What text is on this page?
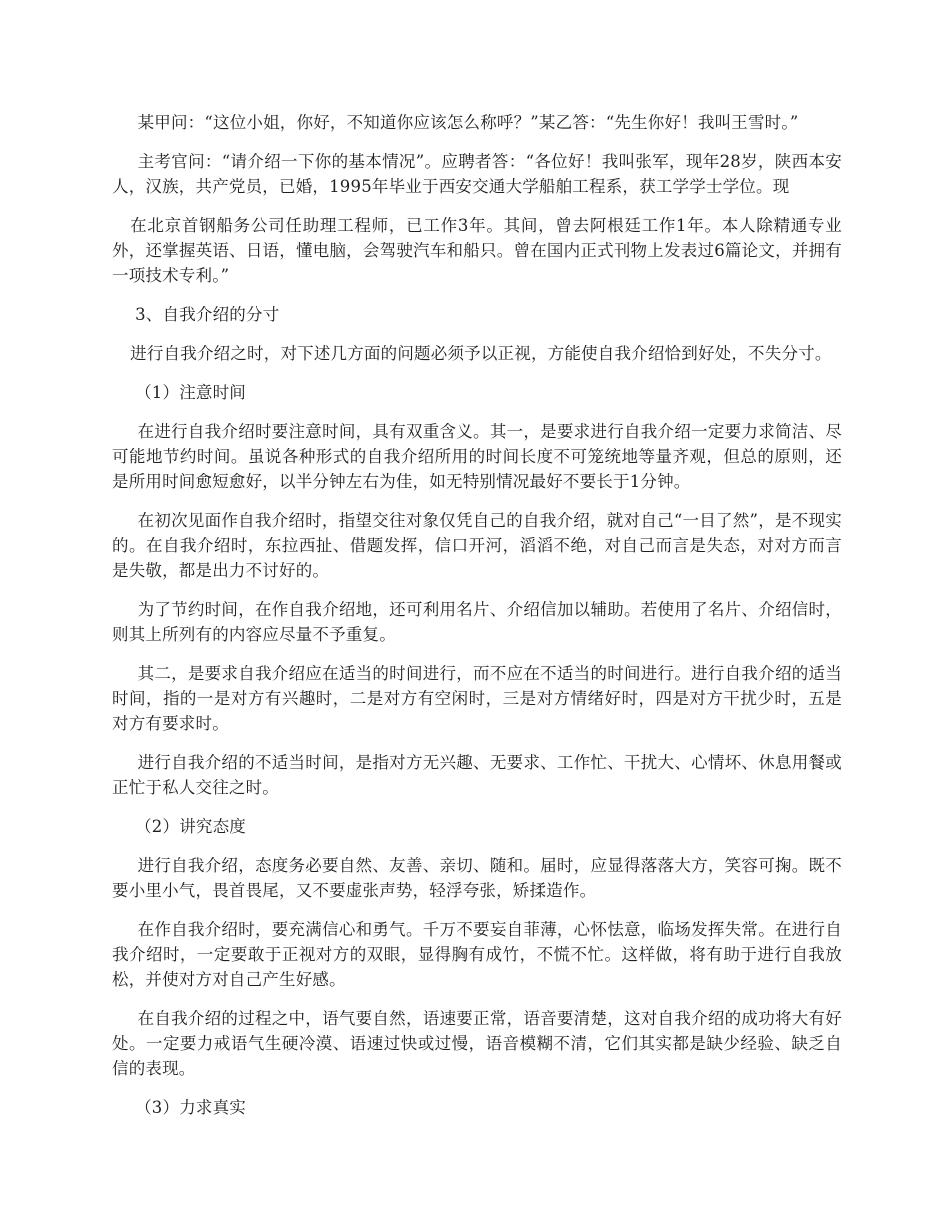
某甲问：“这位小姐，你好，不知道你应该怎么称呼？”某乙答：“先生你好！我叫王雪时。”

主考官问：“请介绍一下你的基本情况”。应聘者答：“各位好！我叫张军，现年28岁，陕西本安人，汉族，共产党员，已婚，1995年毕业于西安交通大学船舶工程系，获工学学士学位。现

在北京首钢船务公司任助理工程师，已工作3年。其间，曾去阿根廷工作1年。本人除精通专业外，还掌握英语、日语，懂电脑，会驾驶汽车和船只。曾在国内正式刊物上发表过6篇论文，并拥有一项技术专利。”

3、自我介绍的分寸

进行自我介绍之时，对下述几方面的问题必须予以正视，方能使自我介绍恰到好处，不失分寸。

（1）注意时间

在进行自我介绍时要注意时间，具有双重含义。其一，是要求进行自我介绍一定要力求简洁、尽可能地节约时间。虽说各种形式的自我介绍所用的时间长度不可笼统地等量齐观，但总的原则，还是所用时间愈短愈好，以半分钟左右为佳，如无特别情况最好不要长于1分钟。

在初次见面作自我介绍时，指望交往对象仅凭自己的自我介绍，就对自己“一目了然”，是不现实的。在自我介绍时，东拉西扯、借题发挥，信口开河，滔滔不绝，对自己而言是失态，对对方而言是失敬，都是出力不讨好的。

为了节约时间，在作自我介绍地，还可利用名片、介绍信加以辅助。若使用了名片、介绍信时，则其上所列有的内容应尽量不予重复。

其二，是要求自我介绍应在适当的时间进行，而不应在不适当的时间进行。进行自我介绍的适当时间，指的一是对方有兴趣时，二是对方有空闲时，三是对方情绪好时，四是对方干扰少时，五是对方有要求时。

进行自我介绍的不适当时间，是指对方无兴趣、无要求、工作忙、干扰大、心情坏、休息用餐或正忙于私人交往之时。

（2）讲究态度

进行自我介绍，态度务必要自然、友善、亲切、随和。届时，应显得落落大方，笑容可掬。既不要小里小气，畏首畏尾，又不要虚张声势，轻浮夸张，矫揉造作。

在作自我介绍时，要充满信心和勇气。千万不要妄自菲薄，心怀怯意，临场发挥失常。在进行自我介绍时，一定要敢于正视对方的双眼，显得胸有成竹，不慌不忙。这样做，将有助于进行自我放松，并使对方对自己产生好感。

在自我介绍的过程之中，语气要自然，语速要正常，语音要清楚，这对自我介绍的成功将大有好处。一定要力戒语气生硬冷漠、语速过快或过慢，语音模糊不清，它们其实都是缺少经验、缺乏自信的表现。

（3）力求真实
